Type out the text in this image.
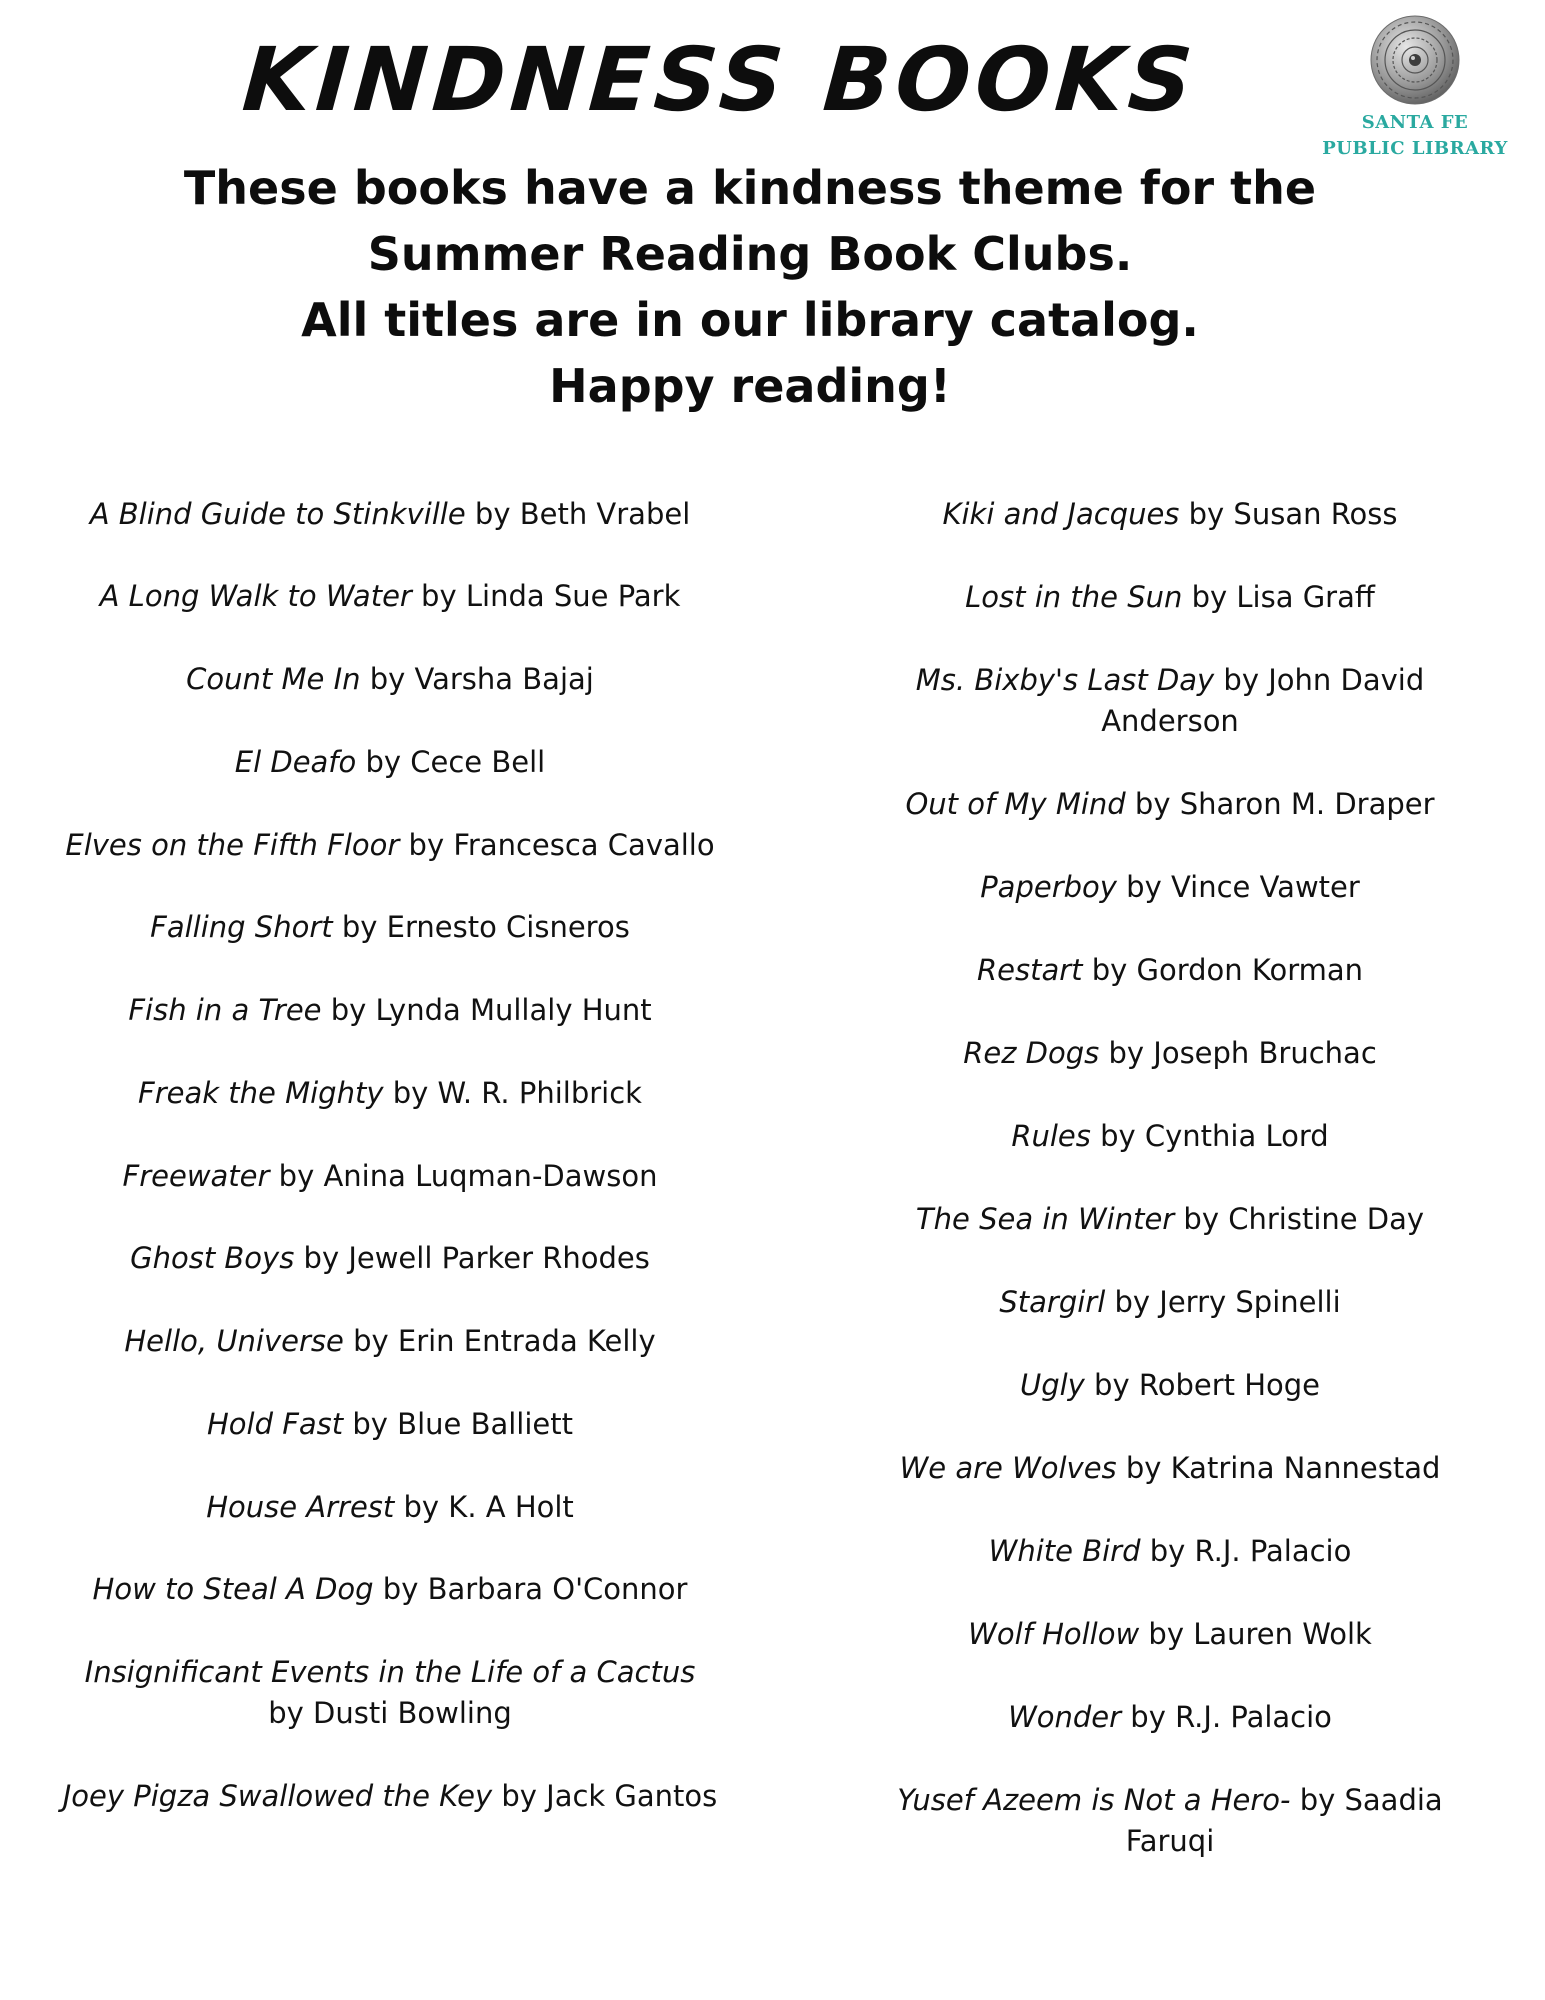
KINDNESS BOOKS
These books have a kindness theme for the
Summer Reading Book Clubs.
All titles are in our library catalog.
Happy reading!
SANTA FE
PUBLIC LIBRARY
A Blind Guide to Stinkville by Beth Vrabel
A Long Walk to Water by Linda Sue Park
Count Me In by Varsha Bajaj
El Deafo by Cece Bell
Elves on the Fifth Floor by Francesca Cavallo
Falling Short by Ernesto Cisneros
Fish in a Tree by Lynda Mullaly Hunt
Freak the Mighty by W. R. Philbrick
Freewater by Anina Luqman-Dawson
Ghost Boys by Jewell Parker Rhodes
Hello, Universe by Erin Entrada Kelly
Hold Fast by Blue Balliett
House Arrest by K. A Holt
How to Steal A Dog by Barbara O'Connor
Insignificant Events in the Life of a Cactus by Dusti Bowling
Joey Pigza Swallowed the Key by Jack Gantos
Kiki and Jacques by Susan Ross
Lost in the Sun by Lisa Graff
Ms. Bixby's Last Day by John David Anderson
Out of My Mind by Sharon M. Draper
Paperboy by Vince Vawter
Restart by Gordon Korman
Rez Dogs by Joseph Bruchac
Rules by Cynthia Lord
The Sea in Winter by Christine Day
Stargirl by Jerry Spinelli
Ugly by Robert Hoge
We are Wolves by Katrina Nannestad
White Bird by R.J. Palacio
Wolf Hollow by Lauren Wolk
Wonder by R.J. Palacio
Yusef Azeem is Not a Hero- by Saadia Faruqi
